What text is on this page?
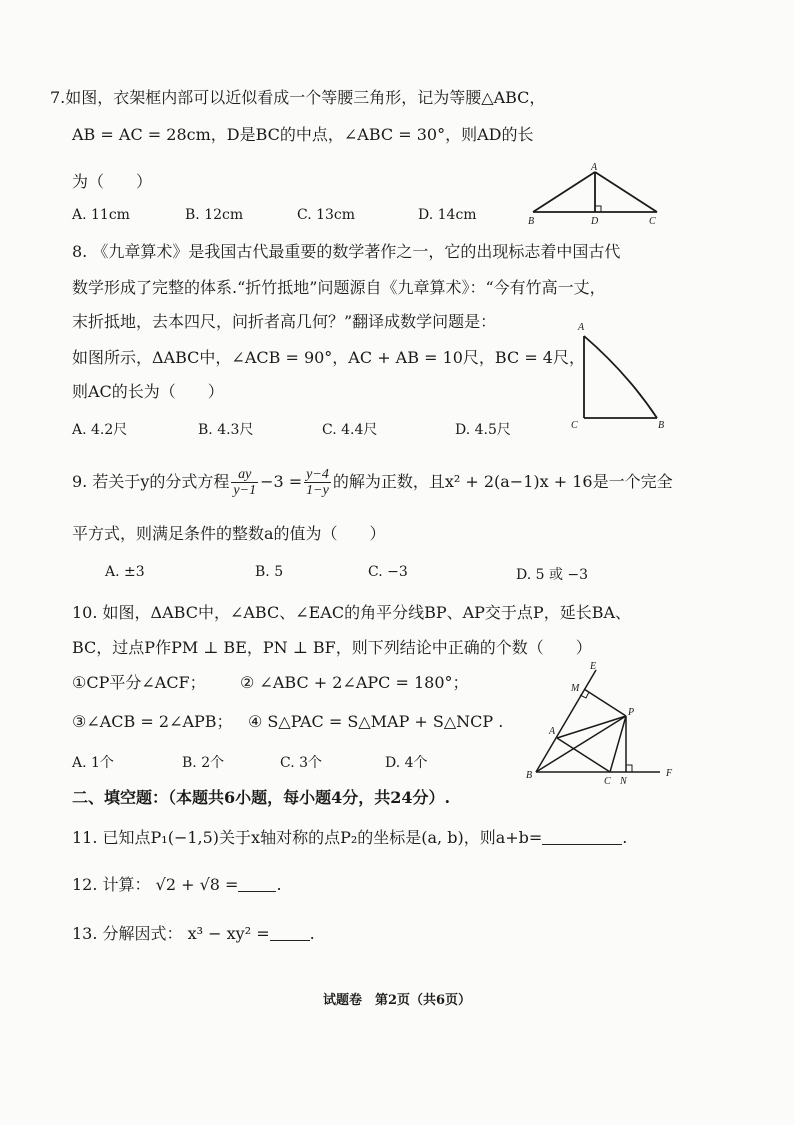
7.如图，衣架框内部可以近似看成一个等腰三角形，记为等腰△ABC，
AB = AC = 28cm，D是BC的中点，∠ABC = 30°，则AD的长
为（　　）
A. 11cm	B. 12cm	C. 13cm	D. 14cm
A
B	D	C
8. 《九章算术》是我国古代最重要的数学著作之一，它的出现标志着中国古代
数学形成了完整的体系.“折竹抵地”问题源自《九章算术》：“今有竹高一丈，
末折抵地，去本四尺，问折者高几何？”翻译成数学问题是：
如图所示，ΔABC中，∠ACB = 90°，AC + AB = 10尺，BC = 4尺，
则AC的长为（　　）
A. 4.2尺	B. 4.3尺	C. 4.4尺	D. 4.5尺
A
C	B
9. 若关于y的分式方程 $\frac{ay}{y-1} -3 = \frac{y-4}{1-y}$ 的解为正数，且x² + 2(a−1)x + 16是一个完全
平方式，则满足条件的整数a的值为（　　）
A. ±3	B. 5	C. −3	D. 5 或 −3
10. 如图，ΔABC中，∠ABC、∠EAC的角平分线BP、AP交于点P，延长BA、
BC，过点P作PM ⊥ BE，PN ⊥ BF，则下列结论中正确的个数（　　）
①CP平分∠ACF； ② ∠ABC + 2∠APC = 180°；
③∠ACB = 2∠APB； ④ S△PAC = S△MAP + S△NCP .
A. 1个	B. 2个	C. 3个	D. 4个
E
M
P
A
B
C N
F
二、填空题：（本题共6小题，每小题4分，共24分）.
11. 已知点P₁(−1,5)关于x轴对称的点P₂的坐标是(a, b)，则a+b=	.
12. 计算： √2 + √8 = .
13. 分解因式： x³ − xy² =	.
试题卷　第2页（共6页）
